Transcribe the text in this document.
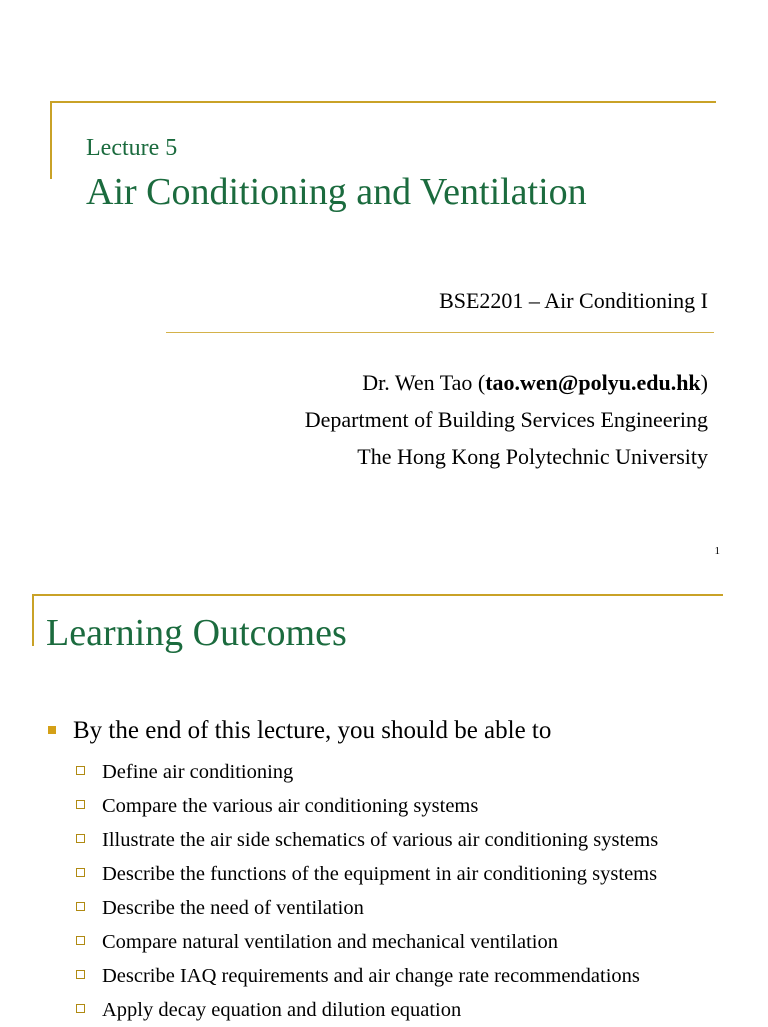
Lecture 5
Air Conditioning and Ventilation
BSE2201 – Air Conditioning I
Dr. Wen Tao (tao.wen@polyu.edu.hk)
Department of Building Services Engineering
The Hong Kong Polytechnic University
1
Learning Outcomes
By the end of this lecture, you should be able to
Define air conditioning
Compare the various air conditioning systems
Illustrate the air side schematics of various air conditioning systems
Describe the functions of the equipment in air conditioning systems
Describe the need of ventilation
Compare natural ventilation and mechanical ventilation
Describe IAQ requirements and air change rate recommendations
Apply decay equation and dilution equation
